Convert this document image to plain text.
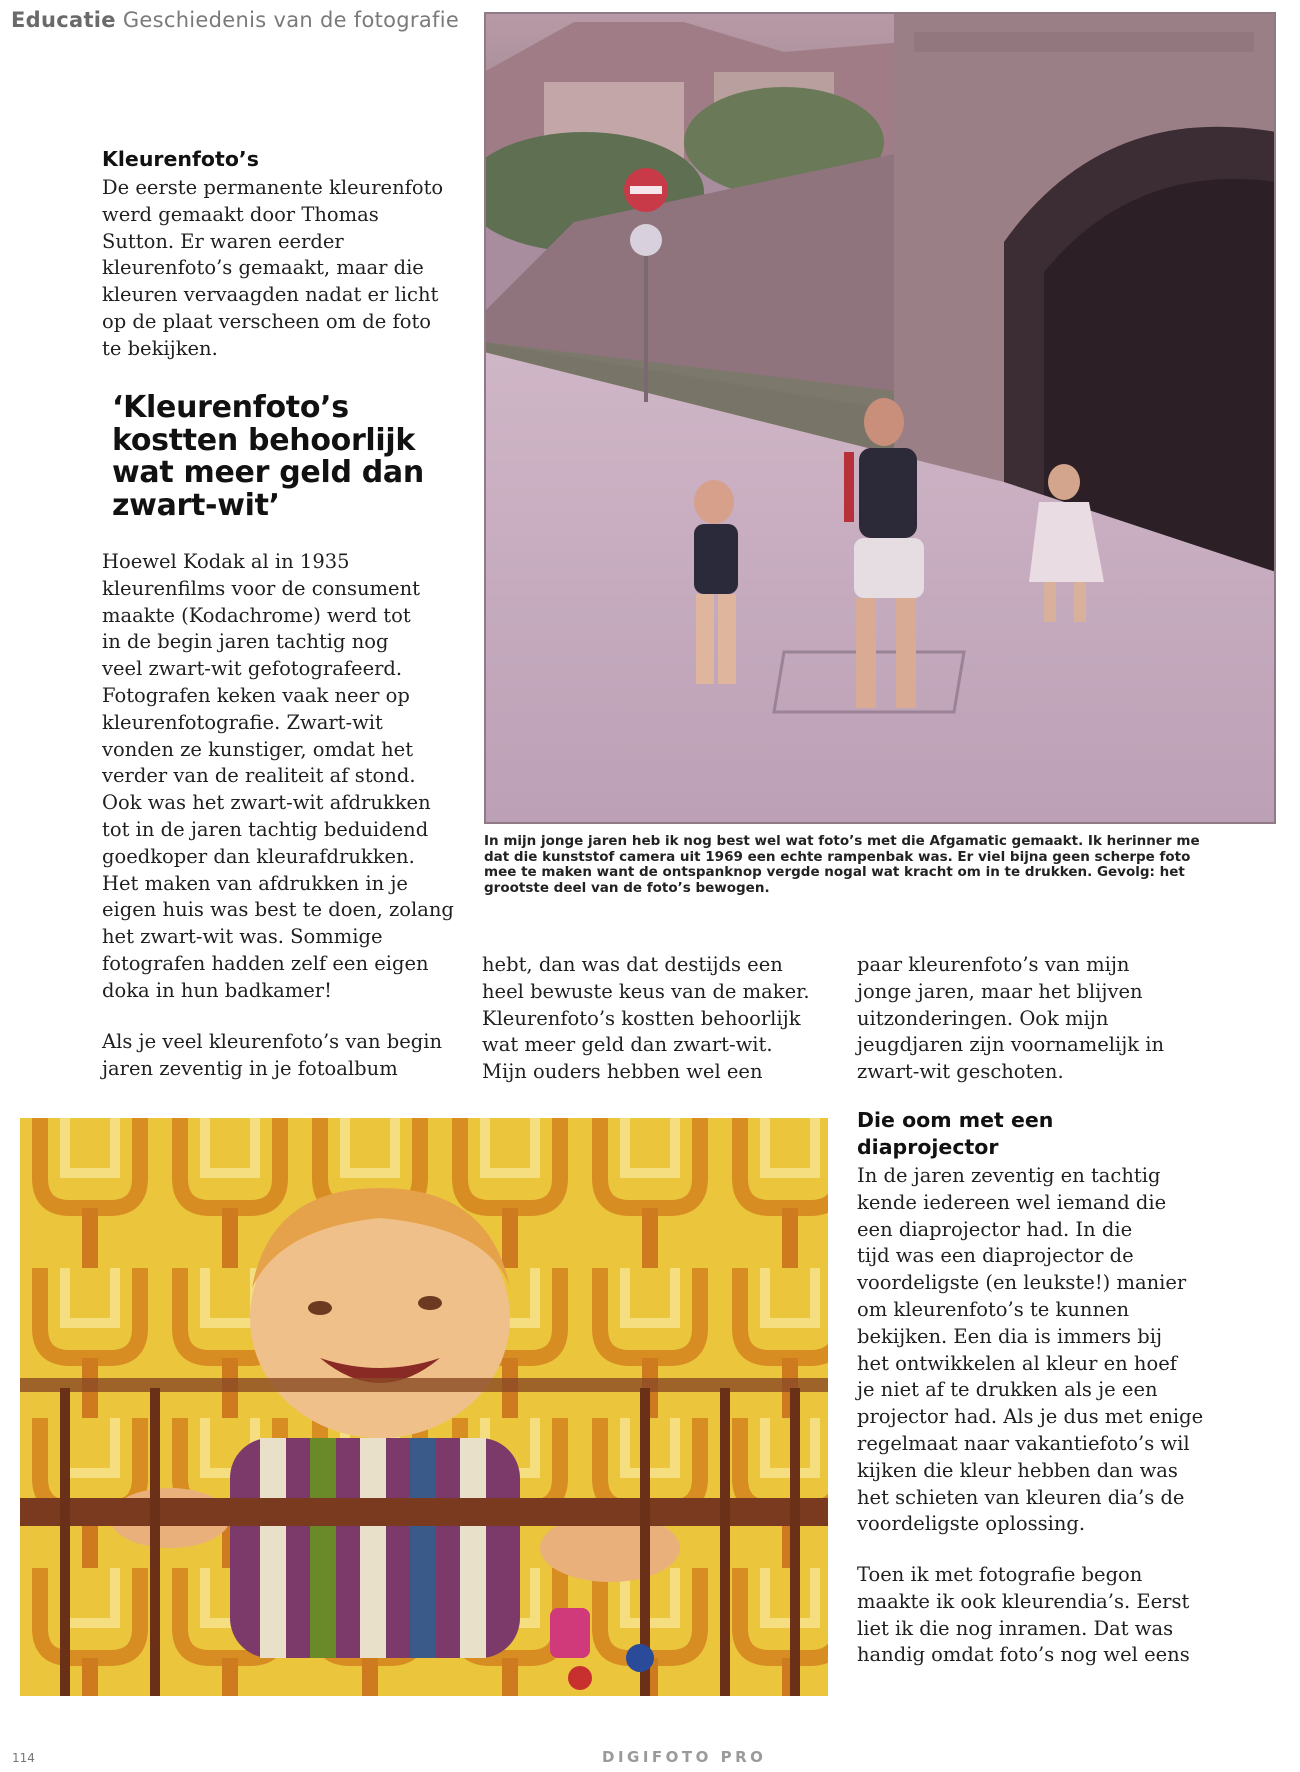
Educatie Geschiedenis van de fotografie
Kleurenfoto’s

De eerste permanente kleurenfoto
werd gemaakt door Thomas
Sutton. Er waren eerder
kleurenfoto’s gemaakt, maar die
kleuren vervaagden nadat er licht
op de plaat verscheen om de foto
te bekijken.

‘Kleurenfoto’s
kostten behoorlijk
wat meer geld dan
zwart-wit’

Hoewel Kodak al in 1935
kleurenfilms voor de consument
maakte (Kodachrome) werd tot
in de begin jaren tachtig nog
veel zwart-wit gefotografeerd.
Fotografen keken vaak neer op
kleurenfotografie. Zwart-wit
vonden ze kunstiger, omdat het
verder van de realiteit af stond.
Ook was het zwart-wit afdrukken
tot in de jaren tachtig beduidend
goedkoper dan kleurafdrukken.
Het maken van afdrukken in je
eigen huis was best te doen, zolang
het zwart-wit was. Sommige
fotografen hadden zelf een eigen
doka in hun badkamer!

Als je veel kleurenfoto’s van begin
jaren zeventig in je fotoalbum

In mijn jonge jaren heb ik nog best wel wat foto’s met die Afgamatic gemaakt. Ik herinner me dat die kunststof camera uit 1969 een echte rampenbak was. Er viel bijna geen scherpe foto mee te maken want de ontspanknop vergde nogal wat kracht om in te drukken. Gevolg: het grootste deel van de foto’s bewogen.

hebt, dan was dat destijds een
heel bewuste keus van de maker.
Kleurenfoto’s kostten behoorlijk
wat meer geld dan zwart-wit.
Mijn ouders hebben wel een

paar kleurenfoto’s van mijn
jonge jaren, maar het blijven
uitzonderingen. Ook mijn
jeugdjaren zijn voornamelijk in
zwart-wit geschoten.

Die oom met een
diaprojector

In de jaren zeventig en tachtig
kende iedereen wel iemand die
een diaprojector had. In die
tijd was een diaprojector de
voordeligste (en leukste!) manier
om kleurenfoto’s te kunnen
bekijken. Een dia is immers bij
het ontwikkelen al kleur en hoef
je niet af te drukken als je een
projector had. Als je dus met enige
regelmaat naar vakantiefoto’s wil
kijken die kleur hebben dan was
het schieten van kleuren dia’s de
voordeligste oplossing.

Toen ik met fotografie begon
maakte ik ook kleurendia’s. Eerst
liet ik die nog inramen. Dat was
handig omdat foto’s nog wel eens

114	DIGIFOTO PRO
